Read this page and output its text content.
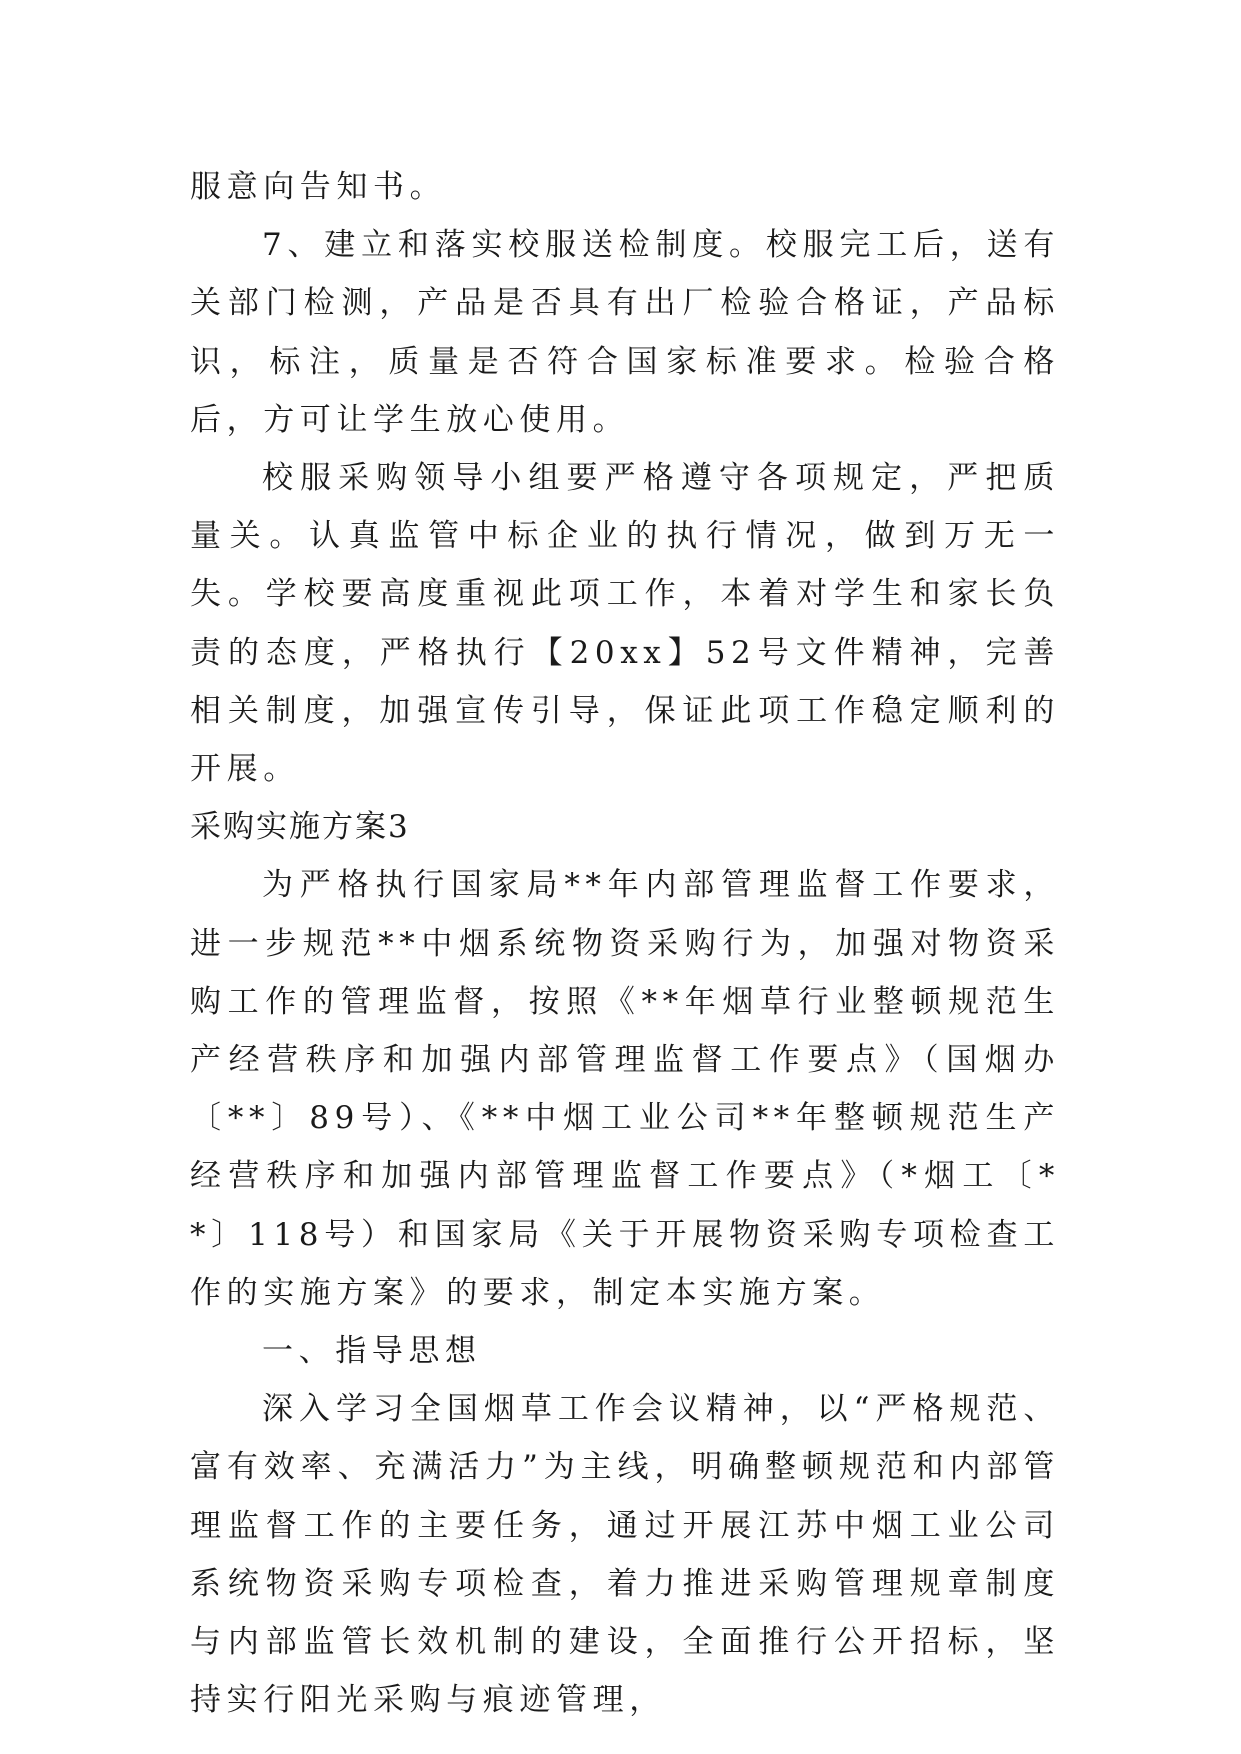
服意向告知书。

7、建立和落实校服送检制度。校服完工后，送有关部门检测，产品是否具有出厂检验合格证，产品标识，标注，质量是否符合国家标准要求。检验合格后，方可让学生放心使用。

校服采购领导小组要严格遵守各项规定，严把质量关。认真监管中标企业的执行情况，做到万无一失。学校要高度重视此项工作，本着对学生和家长负责的态度，严格执行【20xx】52号文件精神，完善相关制度，加强宣传引导，保证此项工作稳定顺利的开展。

采购实施方案3

为严格执行国家局**年内部管理监督工作要求，进一步规范**中烟系统物资采购行为，加强对物资采购工作的管理监督，按照《**年烟草行业整顿规范生产经营秩序和加强内部管理监督工作要点》（国烟办〔**〕89号）、《**中烟工业公司**年整顿规范生产经营秩序和加强内部管理监督工作要点》（*烟工〔**〕118号）和国家局《关于开展物资采购专项检查工作的实施方案》的要求，制定本实施方案。

一、指导思想

深入学习全国烟草工作会议精神，以“严格规范、富有效率、充满活力”为主线，明确整顿规范和内部管理监督工作的主要任务，通过开展江苏中烟工业公司系统物资采购专项检查，着力推进采购管理规章制度与内部监管长效机制的建设，全面推行公开招标，坚持实行阳光采购与痕迹管理，
